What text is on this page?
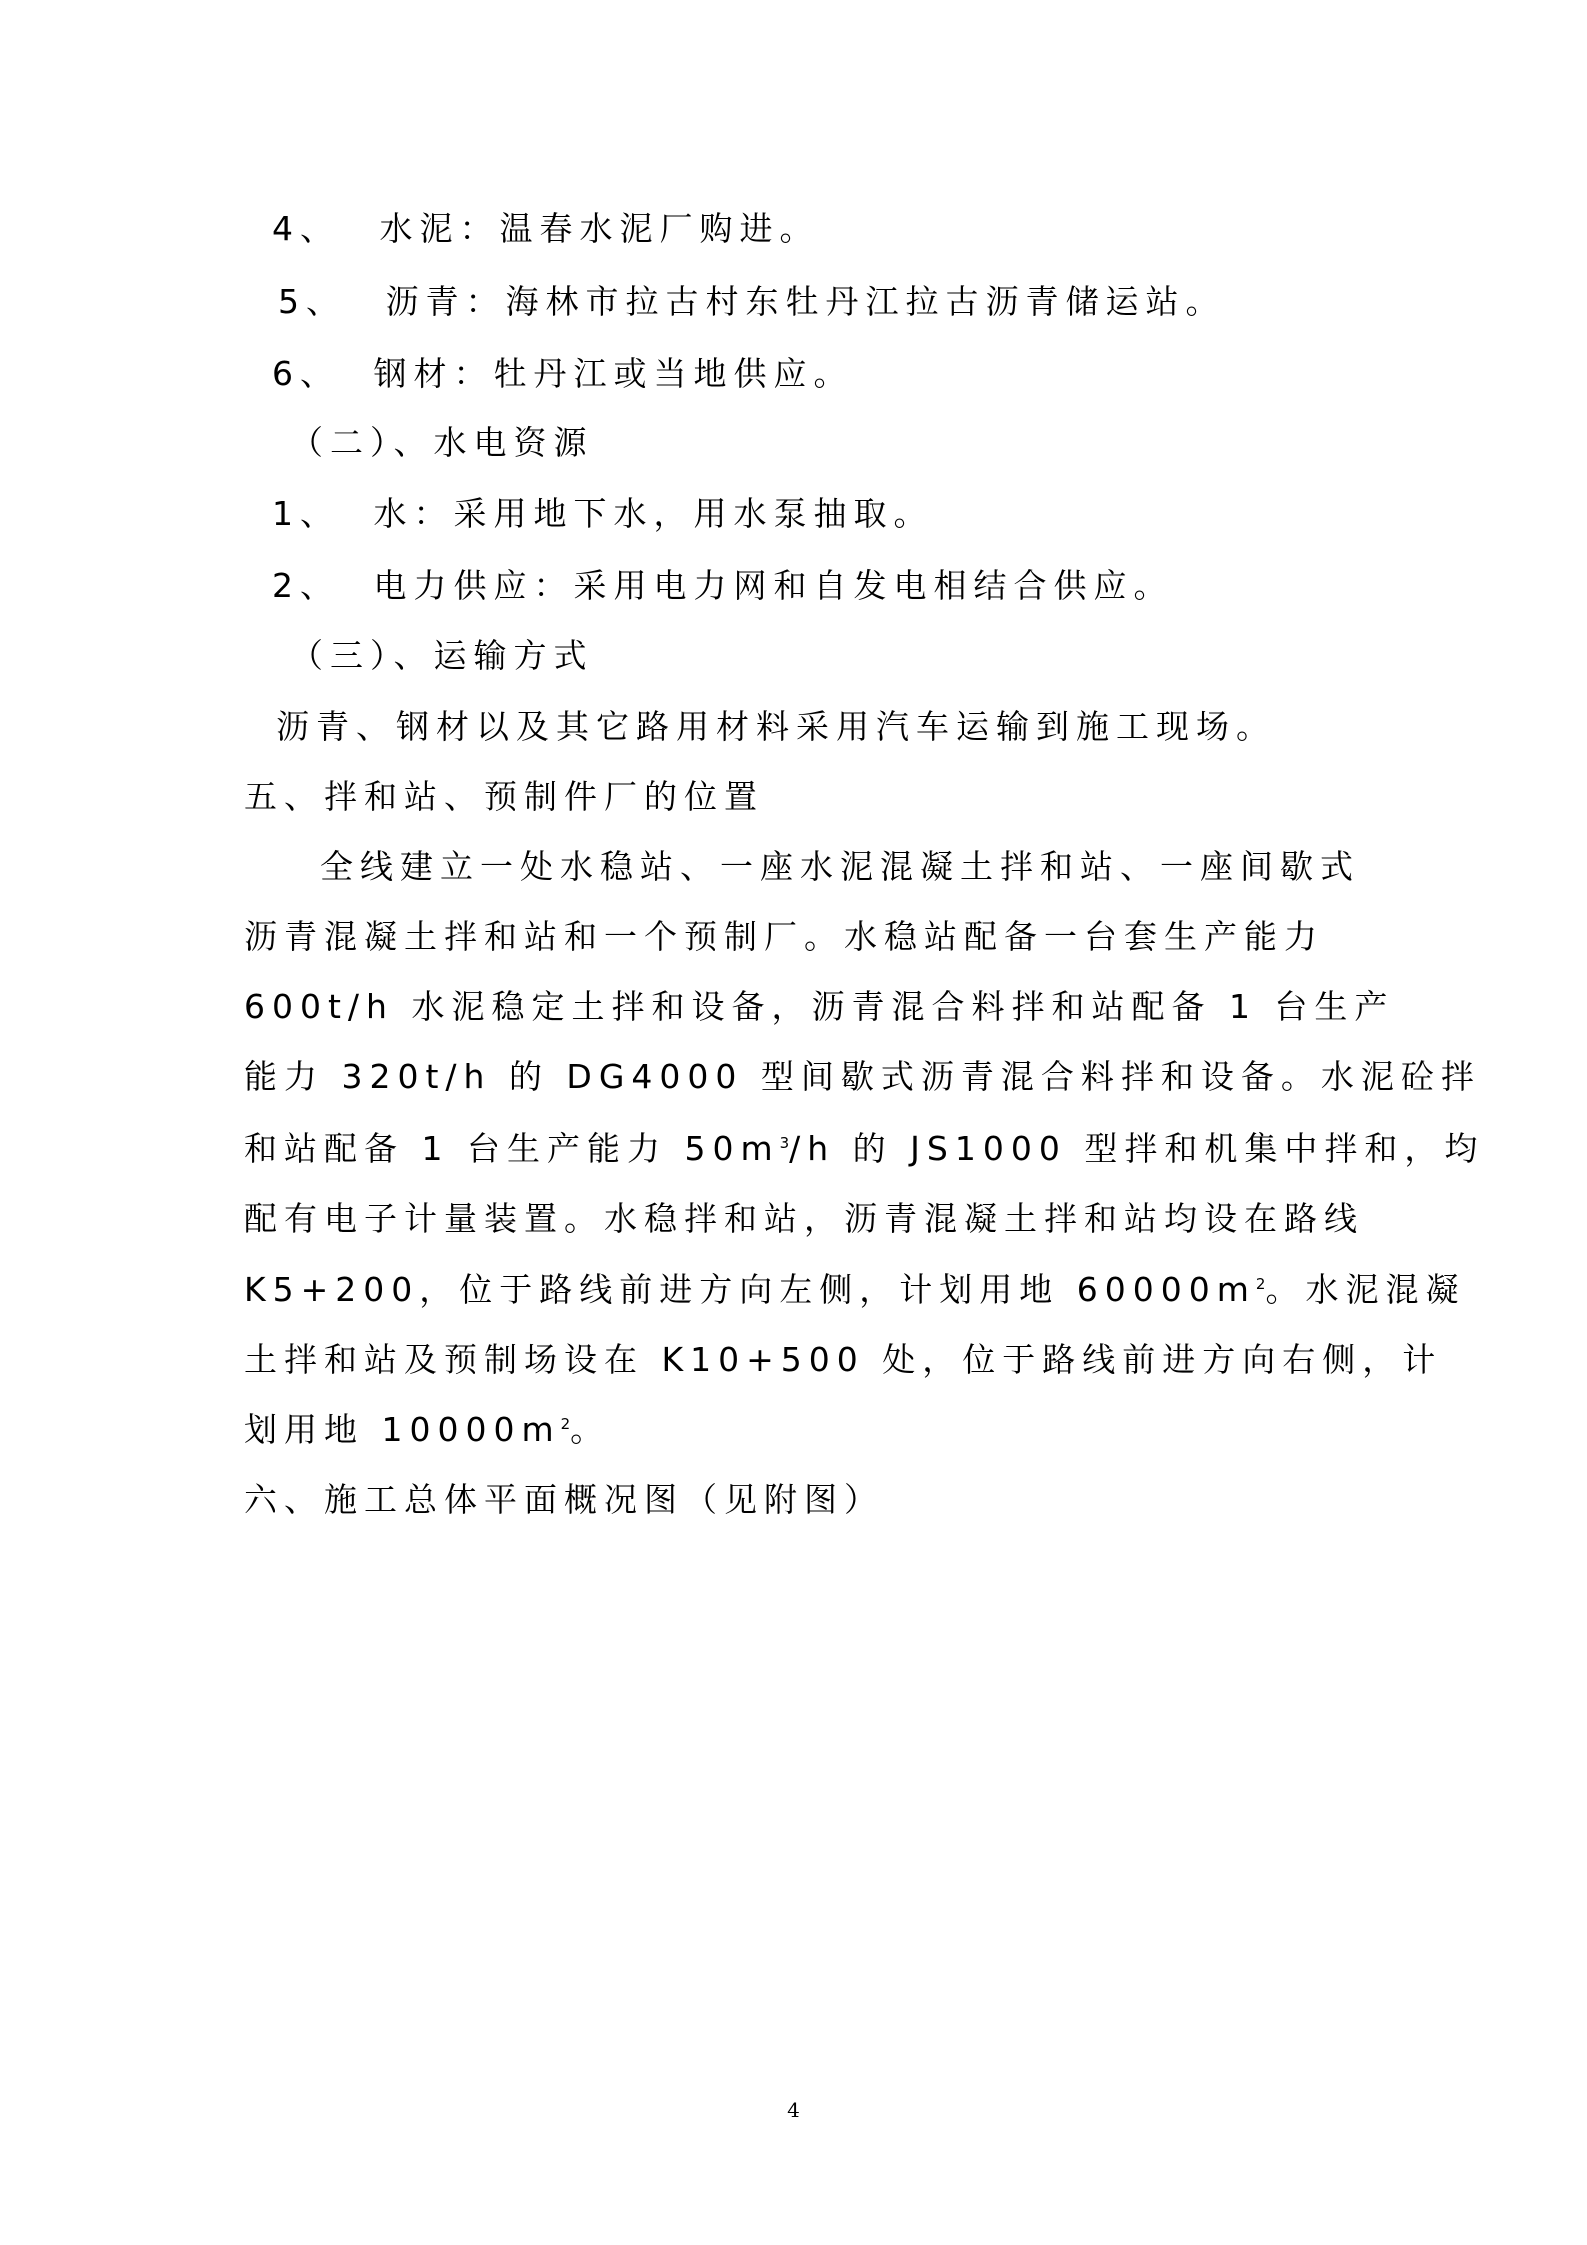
4、 水泥：温春水泥厂购进。
5、 沥青：海林市拉古村东牡丹江拉古沥青储运站。
6、 钢材：牡丹江或当地供应。
（二）、水电资源
1、 水：采用地下水，用水泵抽取。
2、 电力供应：采用电力网和自发电相结合供应。
（三）、运输方式
沥青、钢材以及其它路用材料采用汽车运输到施工现场。
五、拌和站、预制件厂的位置
全线建立一处水稳站、一座水泥混凝土拌和站、一座间歇式
沥青混凝土拌和站和一个预制厂。水稳站配备一台套生产能力
600t/h 水泥稳定土拌和设备，沥青混合料拌和站配备 1 台生产
能力 320t/h 的 DG4000 型间歇式沥青混合料拌和设备。水泥砼拌
和站配备 1 台生产能力 $50m^3/h$ 的 JS1000 型拌和机集中拌和，均
配有电子计量装置。水稳拌和站，沥青混凝土拌和站均设在路线
K5+200，位于路线前进方向左侧，计划用地 $60000m^2$。水泥混凝
土拌和站及预制场设在 K10+500 处，位于路线前进方向右侧，计
划用地 $10000m^2$。
六、施工总体平面概况图（见附图）
4
